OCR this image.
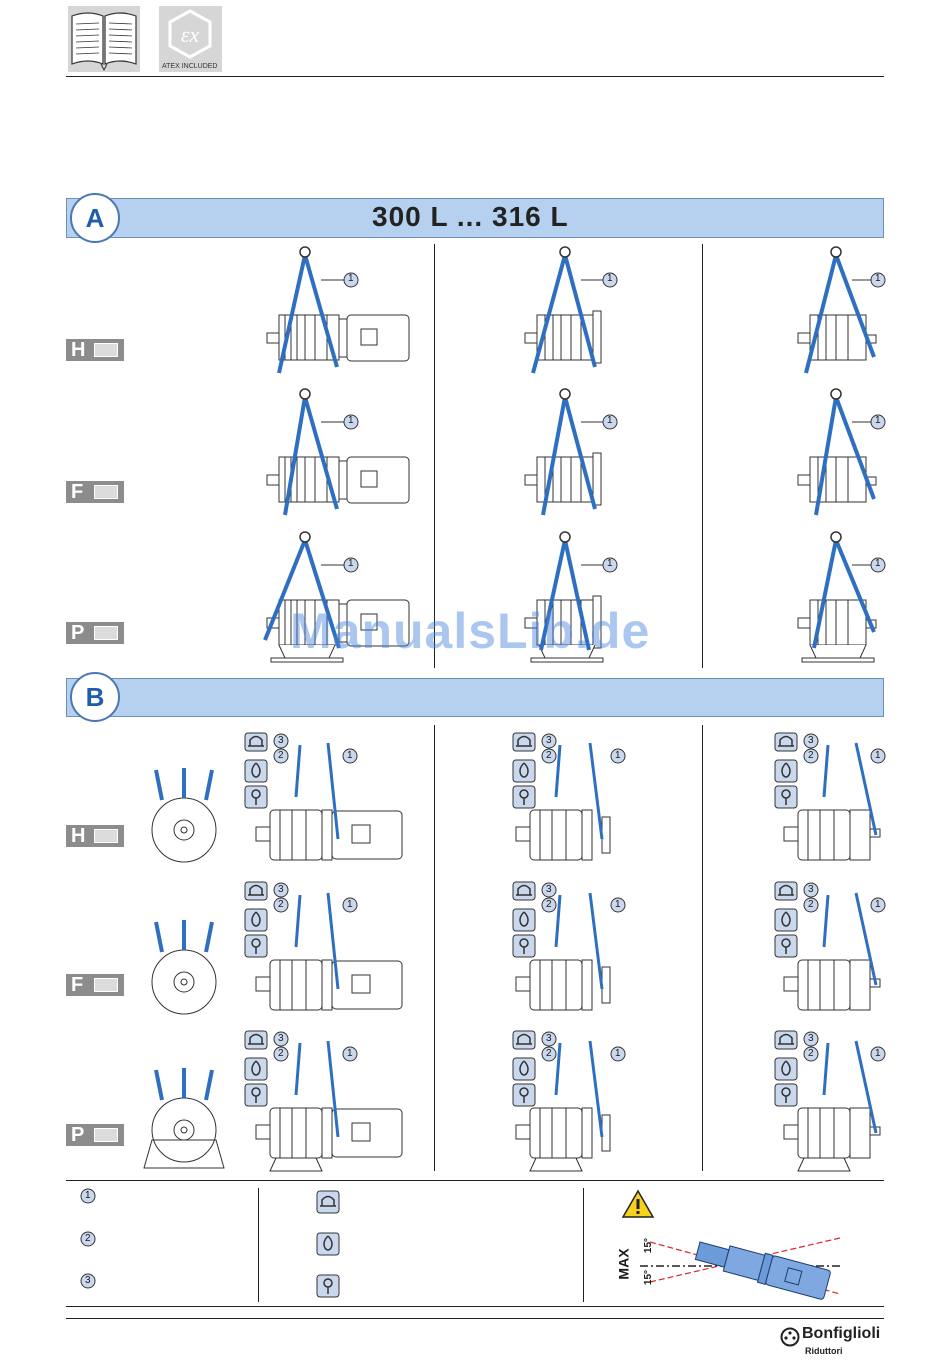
εx
ATEX INCLUDED
A	300 L ... 316 L
H
F
P
1	1	1
1	1	1
1	1	1
ManualsLib.de
B
H
F
P
3
2	1
3
2	1
3
2	1
3
2	1
3
2	1
3
2	1
3
2	1
3
2	1
3
2	1
1
2
3
MAX
15°
15°
Bonfiglioli
Riduttori
